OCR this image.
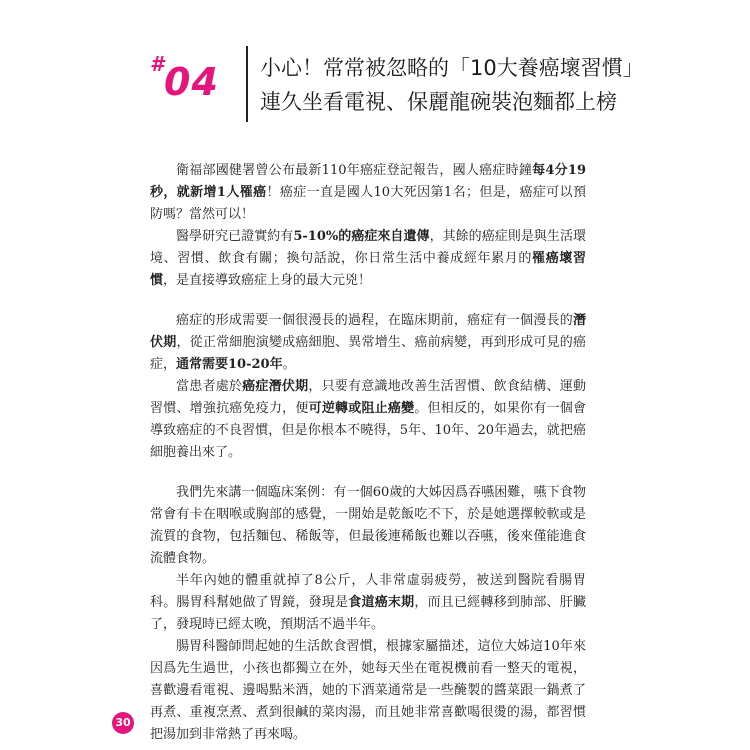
# 04 小心！常常被忽略的「10大養癌壞習慣」
連久坐看電視、保麗龍碗裝泡麵都上榜

衛福部國健署曾公布最新110年癌症登記報告，國人癌症時鐘每4分19秒，就新增1人罹癌！癌症一直是國人10大死因第1名；但是，癌症可以預防嗎？當然可以！

醫學研究已證實約有5-10%的癌症來自遺傳，其餘的癌症則是與生活環境、習慣、飲食有關；換句話說，你日常生活中養成經年累月的罹癌壞習慣，是直接導致癌症上身的最大元兇！

癌症的形成需要一個很漫長的過程，在臨床期前，癌症有一個漫長的潛伏期，從正常細胞演變成癌細胞、異常增生、癌前病變，再到形成可見的癌症，通常需要10-20年。

當患者處於癌症潛伏期，只要有意識地改善生活習慣、飲食結構、運動習慣、增強抗癌免疫力，便可逆轉或阻止癌變。但相反的，如果你有一個會導致癌症的不良習慣，但是你根本不曉得，5年、10年、20年過去，就把癌細胞養出來了。

我們先來講一個臨床案例：有一個60歲的大姊因爲吞嚥困難，嚥下食物常會有卡在咽喉或胸部的感覺，一開始是乾飯吃不下，於是她選擇較軟或是流質的食物，包括麵包、稀飯等，但最後連稀飯也難以吞嚥，後來僅能進食流體食物。

半年內她的體重就掉了8公斤，人非常虛弱疲勞，被送到醫院看腸胃科。腸胃科幫她做了胃鏡，發現是食道癌末期，而且已經轉移到肺部、肝臟了，發現時已經太晚，預期活不過半年。

腸胃科醫師問起她的生活飲食習慣，根據家屬描述，這位大姊這10年來因爲先生過世，小孩也都獨立在外，她每天坐在電視機前看一整天的電視，喜歡邊看電視、邊喝點米酒，她的下酒菜通常是一些醃製的醬菜跟一鍋煮了再煮、重複烹煮、煮到很鹹的菜肉湯，而且她非常喜歡喝很燙的湯，都習慣把湯加到非常熱了再來喝。

30
